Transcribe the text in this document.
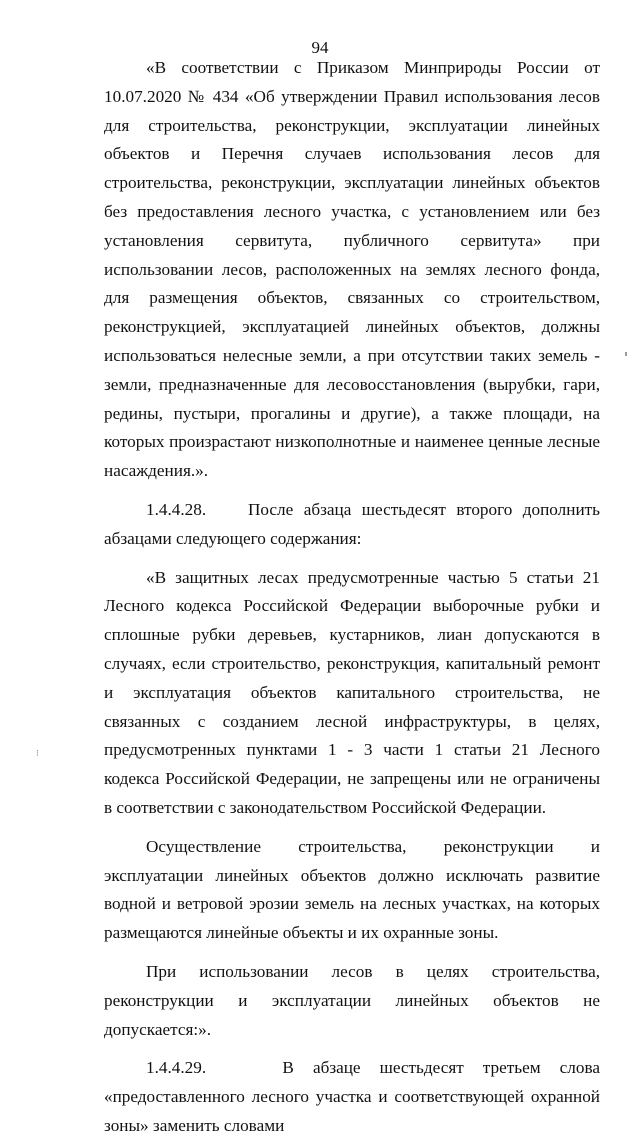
94

«В соответствии с Приказом Минприроды России от 10.07.2020 № 434 «Об утверждении Правил использования лесов для строительства, реконструкции, эксплуатации линейных объектов и Перечня случаев использования лесов для строительства, реконструкции, эксплуатации линейных объектов без предоставления лесного участка, с установлением или без установления сервитута, публичного сервитута» при использовании лесов, расположенных на землях лесного фонда, для размещения объектов, связанных со строительством, реконструкцией, эксплуатацией линейных объектов, должны использоваться нелесные земли, а при отсутствии таких земель - земли, предназначенные для лесовосстановления (вырубки, гари, редины, пустыри, прогалины и другие), а также площади, на которых произрастают низкополнотные и наименее ценные лесные насаждения.».

1.4.4.28.    После абзаца шестьдесят второго дополнить абзацами следующего содержания:

«В защитных лесах предусмотренные частью 5 статьи 21 Лесного кодекса Российской Федерации выборочные рубки и сплошные рубки деревьев, кустарников, лиан допускаются в случаях, если строительство, реконструкция, капитальный ремонт и эксплуатация объектов капитального строительства, не связанных с созданием лесной инфраструктуры, в целях, предусмотренных пунктами 1 - 3 части 1 статьи 21 Лесного кодекса Российской Федерации, не запрещены или не ограничены в соответствии с законодательством Российской Федерации.

Осуществление строительства, реконструкции и эксплуатации линейных объектов должно исключать развитие водной и ветровой эрозии земель на лесных участках, на которых размещаются линейные объекты и их охранные зоны.

При использовании лесов в целях строительства, реконструкции и эксплуатации линейных объектов не допускается:».

1.4.4.29.    В абзаце шестьдесят третьем слова «предоставленного лесного участка и соответствующей охранной зоны» заменить словами

⁝
